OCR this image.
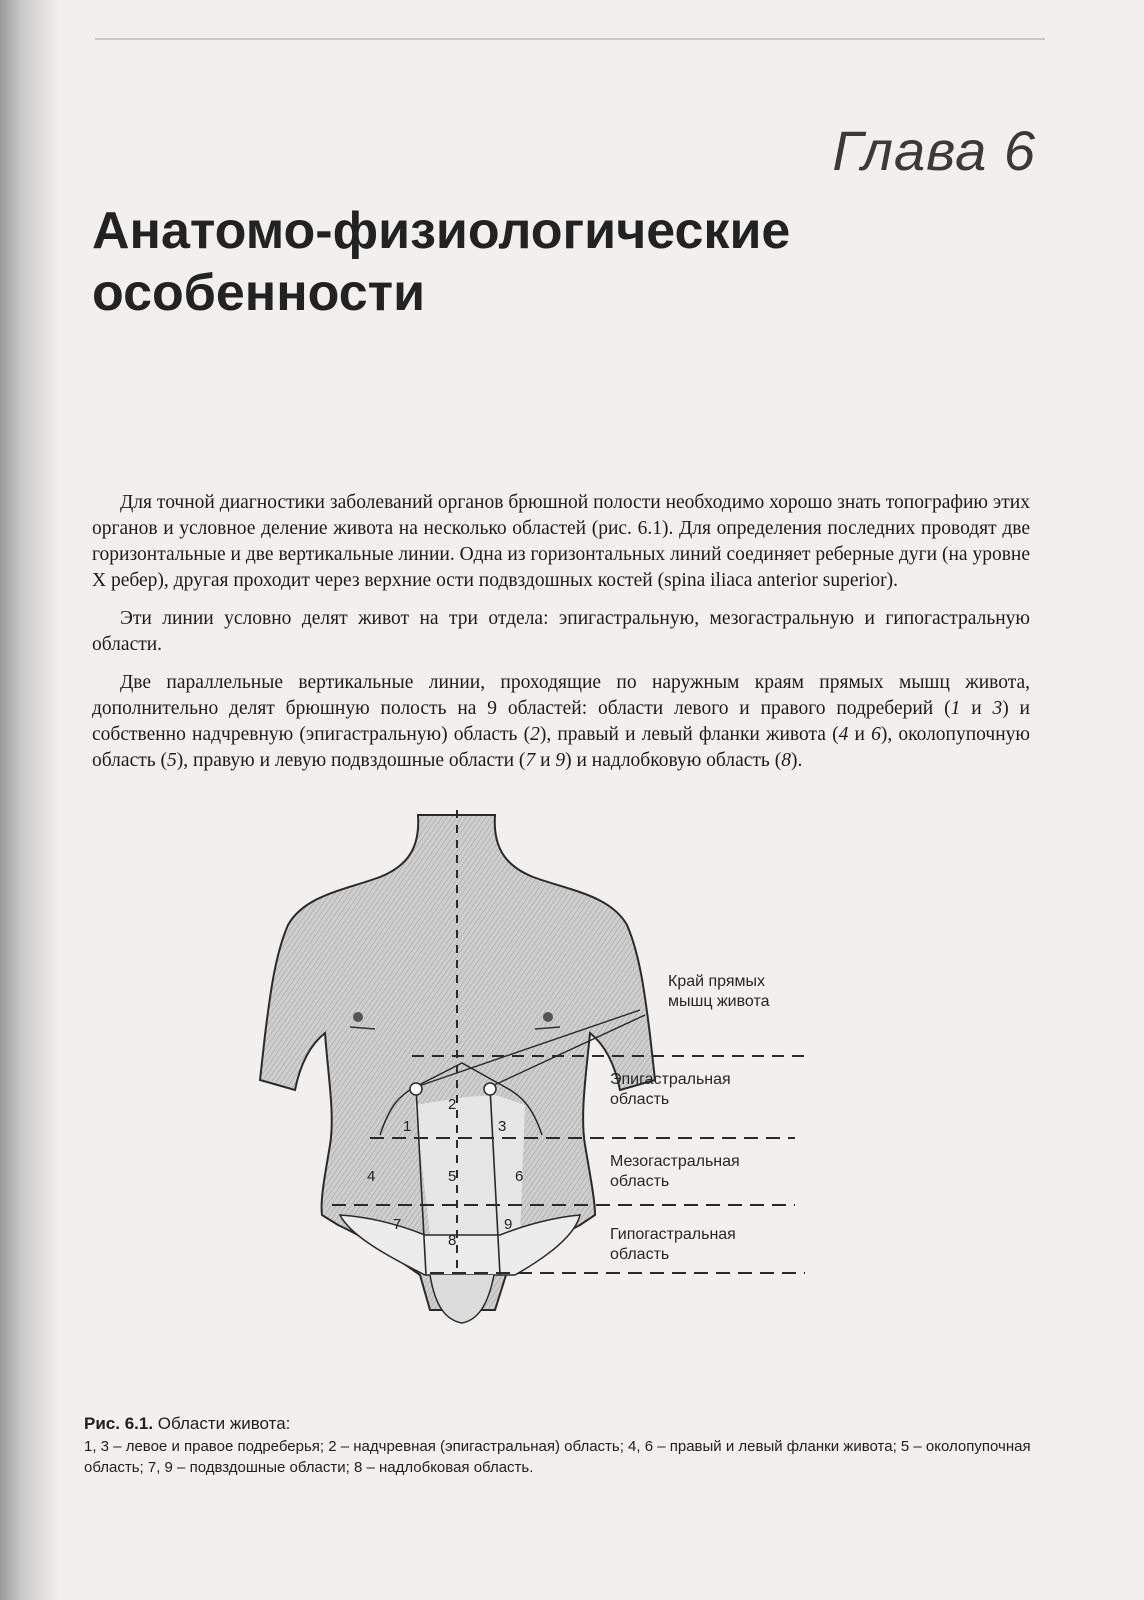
Глава 6
Анатомо-физиологические
особенности

Для точной диагностики заболеваний органов брюшной полости необходимо хорошо знать топографию этих органов и условное деление живота на несколько областей (рис. 6.1). Для определения последних проводят две горизонтальные и две вертикальные линии. Одна из горизонтальных линий соединяет реберные дуги (на уровне X ребер), другая проходит через верхние ости подвздошных костей (spina iliaca anterior superior).

Эти линии условно делят живот на три отдела: эпигастральную, мезогастральную и гипогастральную области.

Две параллельные вертикальные линии, проходящие по наружным краям прямых мышц живота, дополнительно делят брюшную полость на 9 областей: области левого и правого подреберий (1 и 3) и собственно надчревную (эпигастральную) область (2), правый и левый фланки живота (4 и 6), околопупочную область (5), правую и левую подвздошные области (7 и 9) и надлобковую область (8).

1
2
3
4	5	6
7
8
9
Край прямых
мышц живота
Эпигастральная
область
Мезогастральная
область
Гипогастральная
область
Рис. 6.1. Области живота:
1, 3 – левое и правое подреберья; 2 – надчревная (эпигастральная) область; 4, 6 – правый и левый фланки живота; 5 – околопупочная область; 7, 9 – подвздошные области; 8 – надлобковая область.
